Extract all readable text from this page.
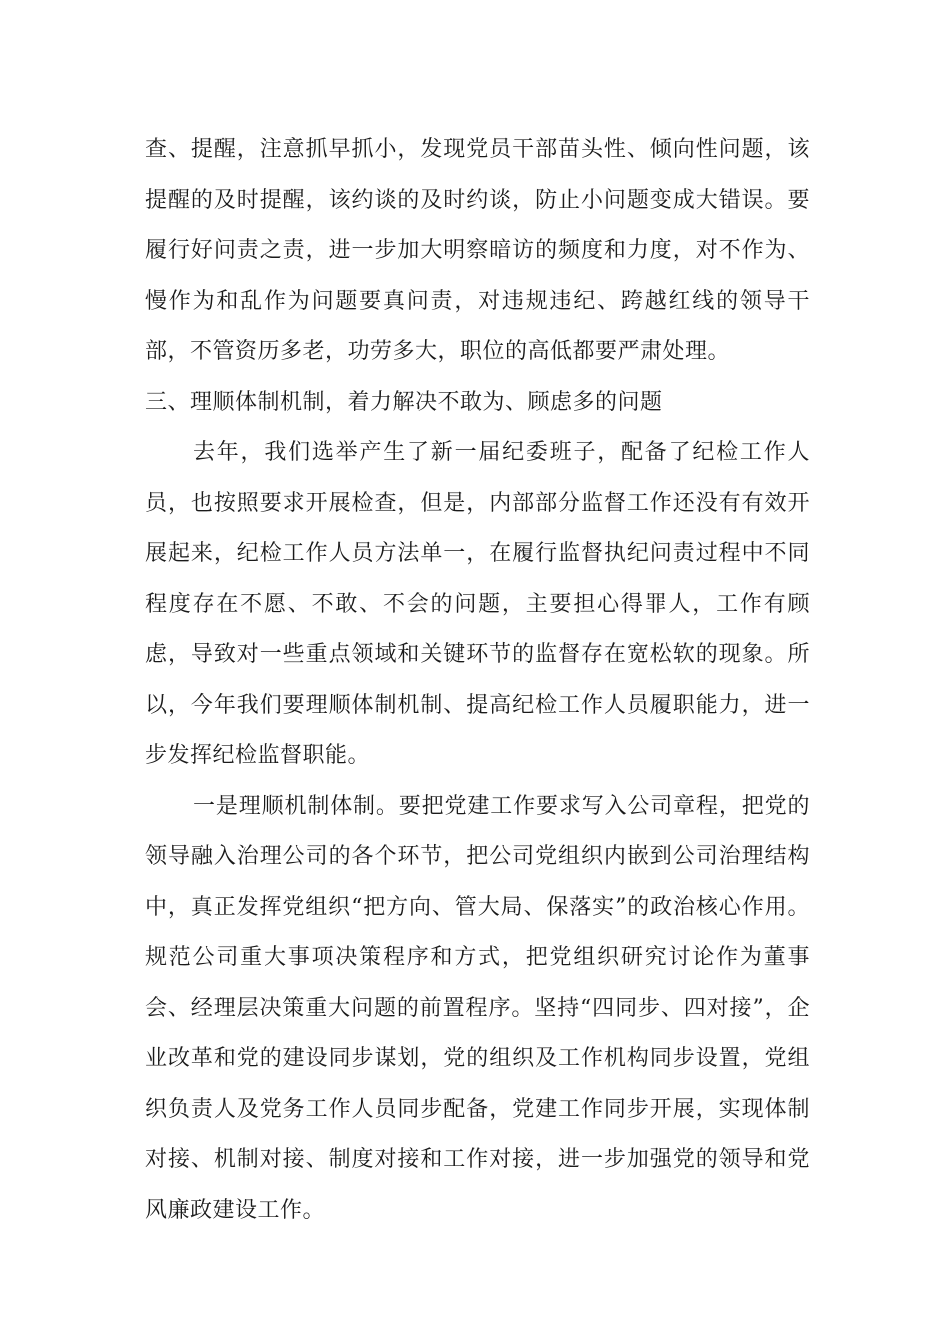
查、提醒，注意抓早抓小，发现党员干部苗头性、倾向性问题，该提醒的及时提醒，该约谈的及时约谈，防止小问题变成大错误。要履行好问责之责，进一步加大明察暗访的频度和力度，对不作为、慢作为和乱作为问题要真问责，对违规违纪、跨越红线的领导干部，不管资历多老，功劳多大，职位的高低都要严肃处理。

三、理顺体制机制，着力解决不敢为、顾虑多的问题

去年，我们选举产生了新一届纪委班子，配备了纪检工作人员，也按照要求开展检查，但是，内部部分监督工作还没有有效开展起来，纪检工作人员方法单一，在履行监督执纪问责过程中不同程度存在不愿、不敢、不会的问题，主要担心得罪人，工作有顾虑，导致对一些重点领域和关键环节的监督存在宽松软的现象。所以，今年我们要理顺体制机制、提高纪检工作人员履职能力，进一步发挥纪检监督职能。

一是理顺机制体制。要把党建工作要求写入公司章程，把党的领导融入治理公司的各个环节，把公司党组织内嵌到公司治理结构中，真正发挥党组织“把方向、管大局、保落实”的政治核心作用。规范公司重大事项决策程序和方式，把党组织研究讨论作为董事会、经理层决策重大问题的前置程序。坚持“四同步、四对接”，企业改革和党的建设同步谋划，党的组织及工作机构同步设置，党组织负责人及党务工作人员同步配备，党建工作同步开展，实现体制对接、机制对接、制度对接和工作对接，进一步加强党的领导和党风廉政建设工作。
